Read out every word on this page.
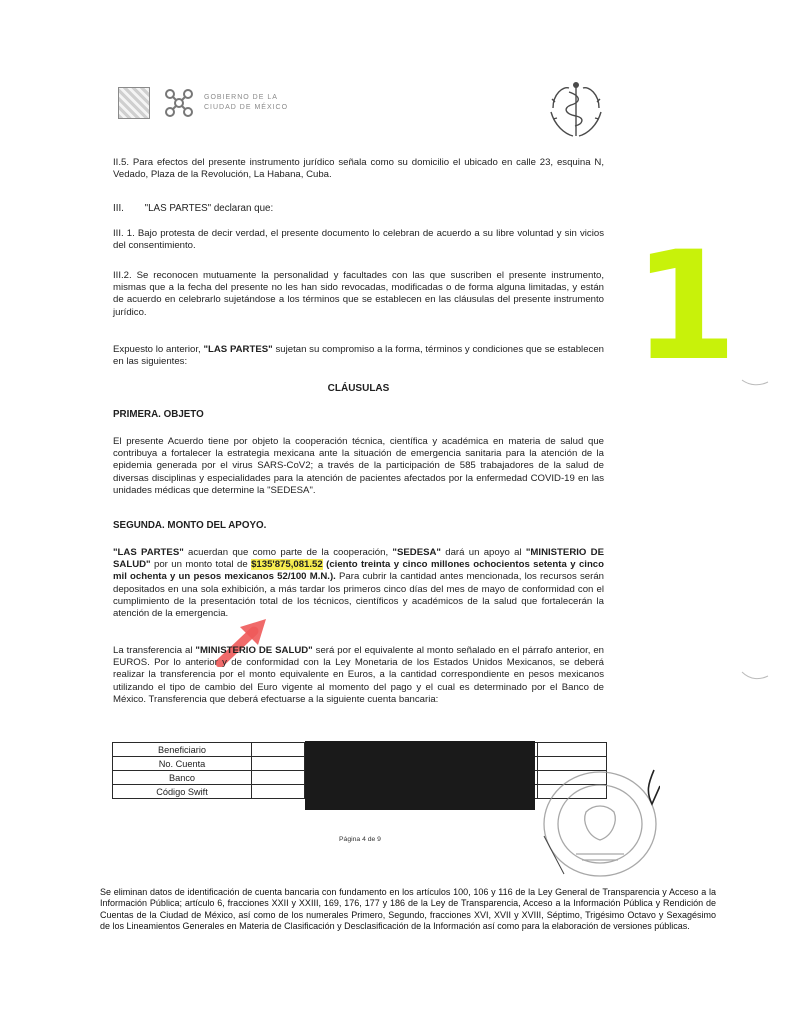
GOBIERNO DE LA
CIUDAD DE MÉXICO
II.5. Para efectos del presente instrumento jurídico señala como su domicilio el ubicado en calle 23, esquina N, Vedado, Plaza de la Revolución, La Habana, Cuba.
III. "LAS PARTES" declaran que:
III. 1. Bajo protesta de decir verdad, el presente documento lo celebran de acuerdo a su libre voluntad y sin vicios del consentimiento.
III.2. Se reconocen mutuamente la personalidad y facultades con las que suscriben el presente instrumento, mismas que a la fecha del presente no les han sido revocadas, modificadas o de forma alguna limitadas, y están de acuerdo en celebrarlo sujetándose a los términos que se establecen en las cláusulas del presente instrumento jurídico.	1
Expuesto lo anterior, "LAS PARTES" sujetan su compromiso a la forma, términos y condiciones que se establecen en las siguientes:
CLÁUSULAS
PRIMERA. OBJETO
El presente Acuerdo tiene por objeto la cooperación técnica, científica y académica en materia de salud que contribuya a fortalecer la estrategia mexicana ante la situación de emergencia sanitaria para la atención de la epidemia generada por el virus SARS-CoV2; a través de la participación de 585 trabajadores de la salud de diversas disciplinas y especialidades para la atención de pacientes afectados por la enfermedad COVID-19 en las unidades médicas que determine la "SEDESA".
SEGUNDA. MONTO DEL APOYO.
"LAS PARTES" acuerdan que como parte de la cooperación, "SEDESA" dará un apoyo al "MINISTERIO DE SALUD" por un monto total de $135'875,081.52 (ciento treinta y cinco millones ochocientos setenta y cinco mil ochenta y un pesos mexicanos 52/100 M.N.). Para cubrir la cantidad antes mencionada, los recursos serán depositados en una sola exhibición, a más tardar los primeros cinco días del mes de mayo de conformidad con el cumplimiento de la presentación total de los técnicos, científicos y académicos de la salud que fortalecerán la atención de la emergencia.
La transferencia al "MINISTERIO DE SALUD" será por el equivalente al monto señalado en el párrafo anterior, en EUROS. Por lo anterior y de conformidad con la Ley Monetaria de los Estados Unidos Mexicanos, se deberá realizar la transferencia por el monto equivalente en Euros, a la cantidad correspondiente en pesos mexicanos utilizando el tipo de cambio del Euro vigente al momento del pago y el cual es determinado por el Banco de México. Transferencia que deberá efectuarse a la siguiente cuenta bancaria:
Beneficiario			
No. Cuenta			
Banco			
Código Swift			
Página 4 de 9
Se eliminan datos de identificación de cuenta bancaria con fundamento en los artículos 100, 106 y 116 de la Ley General de Transparencia y Acceso a la Información Pública; artículo 6, fracciones XXII y XXIII, 169, 176, 177 y 186 de la Ley de Transparencia, Acceso a la Información Pública y Rendición de Cuentas de la Ciudad de México, así como de los numerales Primero, Segundo, fracciones XVI, XVII y XVIII, Séptimo, Trigésimo Octavo y Sexagésimo de los Lineamientos Generales en Materia de Clasificación y Desclasificación de la Información así como para la elaboración de versiones públicas.
